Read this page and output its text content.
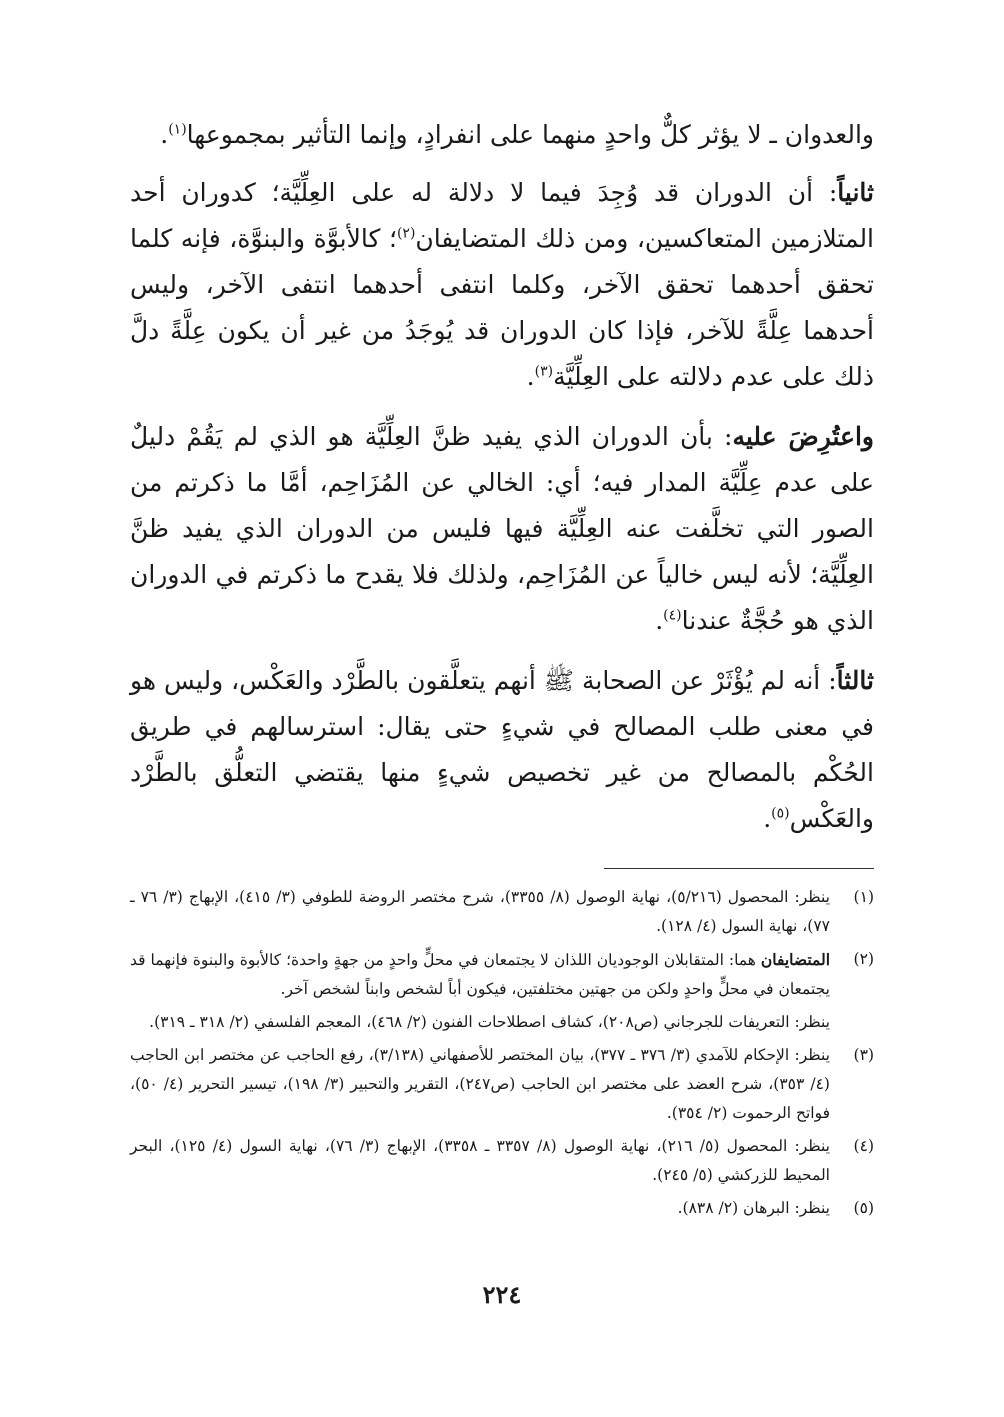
والعدوان ـ لا يؤثر كلٌّ واحدٍ منهما على انفرادٍ، وإنما التأثير بمجموعها$^{(١)}$.

ثانياً: أن الدوران قد وُجِدَ فيما لا دلالة له على العِلِّيَّة؛ كدوران أحد المتلازمين المتعاكسين، ومن ذلك المتضايفان$^{(٢)}$؛ كالأبوَّة والبنوَّة، فإنه كلما تحقق أحدهما تحقق الآخر، وكلما انتفى أحدهما انتفى الآخر، وليس أحدهما عِلَّةً للآخر، فإذا كان الدوران قد يُوجَدُ من غير أن يكون عِلَّةً دلَّ ذلك على عدم دلالته على العِلِّيَّة$^{(٣)}$.

واعتُرِضَ عليه: بأن الدوران الذي يفيد ظنَّ العِلِّيَّة هو الذي لم يَقُمْ دليلٌ على عدم عِلِّيَّة المدار فيه؛ أي: الخالي عن المُزَاحِم، أمَّا ما ذكرتم من الصور التي تخلَّفت عنه العِلِّيَّة فيها فليس من الدوران الذي يفيد ظنَّ العِلِّيَّة؛ لأنه ليس خالياً عن المُزَاحِم، ولذلك فلا يقدح ما ذكرتم في الدوران الذي هو حُجَّةٌ عندنا$^{(٤)}$.

ثالثاً: أنه لم يُؤْثَرْ عن الصحابة ﷺ أنهم يتعلَّقون بالطَّرْد والعَكْس، وليس هو في معنى طلب المصالح في شيءٍ حتى يقال: استرسالهم في طريق الحُكْم بالمصالح من غير تخصيص شيءٍ منها يقتضي التعلُّق بالطَّرْد والعَكْس$^{(٥)}$.

(١)
ينظر: المحصول (٥/٢١٦)، نهاية الوصول (٨/ ٣٣٥٥)، شرح مختصر الروضة للطوفي (٣/ ٤١٥)، الإبهاج (٣/ ٧٦ ـ ٧٧)، نهاية السول (٤/ ١٢٨).
(٢)
المتضايفان هما: المتقابلان الوجوديان اللذان لا يجتمعان في محلٍّ واحدٍ من جهةٍ واحدة؛ كالأبوة والبنوة فإنهما قد يجتمعان في محلٍّ واحدٍ ولكن من جهتين مختلفتين، فيكون أباً لشخص وابناً لشخص آخر.
ينظر: التعريفات للجرجاني (ص٢٠٨)، كشاف اصطلاحات الفنون (٢/ ٤٦٨)، المعجم الفلسفي (٢/ ٣١٨ ـ ٣١٩).
(٣)
ينظر: الإحكام للآمدي (٣/ ٣٧٦ ـ ٣٧٧)، بيان المختصر للأصفهاني (٣/١٣٨)، رفع الحاجب عن مختصر ابن الحاجب (٤/ ٣٥٣)، شرح العضد على مختصر ابن الحاجب (ص٢٤٧)، التقرير والتحبير (٣/ ١٩٨)، تيسير التحرير (٤/ ٥٠)، فواتح الرحموت (٢/ ٣٥٤).
(٤)
ينظر: المحصول (٥/ ٢١٦)، نهاية الوصول (٨/ ٣٣٥٧ ـ ٣٣٥٨)، الإبهاج (٣/ ٧٦)، نهاية السول (٤/ ١٢٥)، البحر المحيط للزركشي (٥/ ٢٤٥).
(٥)
ينظر: البرهان (٢/ ٨٣٨).
٢٢٤
